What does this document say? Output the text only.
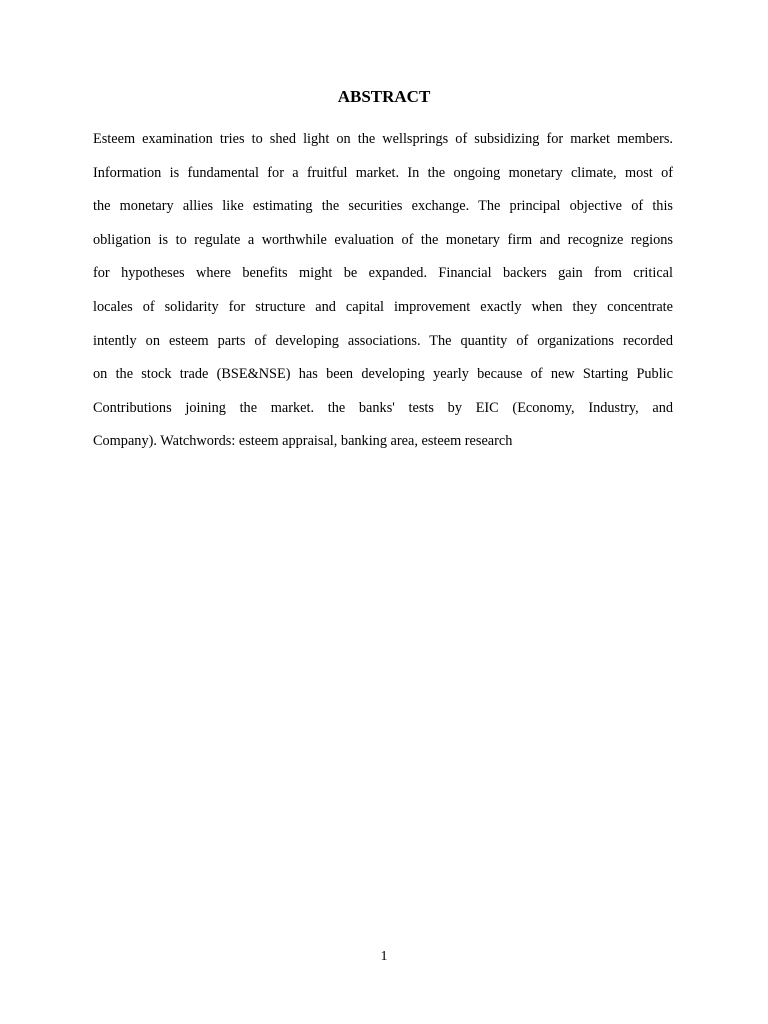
ABSTRACT
Esteem examination tries to shed light on the wellsprings of subsidizing for market members.
Information is fundamental for a fruitful market. In the ongoing monetary climate, most of
the monetary allies like estimating the securities exchange. The principal objective of this
obligation is to regulate a worthwhile evaluation of the monetary firm and recognize regions
for hypotheses where benefits might be expanded. Financial backers gain from critical
locales of solidarity for structure and capital improvement exactly when they concentrate
intently on esteem parts of developing associations. The quantity of organizations recorded
on the stock trade (BSE&NSE) has been developing yearly because of new Starting Public
Contributions joining the market. the banks' tests by EIC (Economy, Industry, and
Company). Watchwords: esteem appraisal, banking area, esteem research

1
